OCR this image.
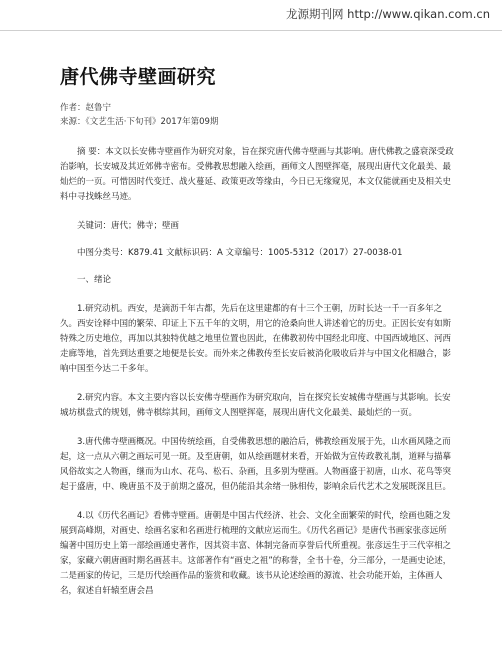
龙源期刊网 http://www.qikan.com.cn
唐代佛寺壁画研究
作者：赵鲁宁
来源：《文艺生活·下旬刊》2017年第09期

摘 要：本文以长安佛寺壁画作为研究对象，旨在探究唐代佛寺壁画与其影响。唐代佛教之盛衰深受政治影响，长安城及其近郊佛寺密布。受佛教思想融入绘画，画师文人图壁挥毫，展现出唐代文化最美、最灿烂的一页。可惜因时代变迁、战火蔓延、政策更改等缘由，今日已无缘窥见，本文仅能就画史及相关史料中寻找蛛丝马迹。

关键词：唐代；佛寺；壁画

中图分类号：K879.41 文献标识码：A 文章编号：1005-5312（2017）27-0038-01

一、绪论

1.研究动机。西安，是滴沥千年古都，先后在这里建都的有十三个王朝，历时长达一千一百多年之久。西安诠释中国的繁荣、印证上下五千年的文明，用它的沧桑向世人讲述着它的历史。正因长安有如斯特殊之历史地位，再加以其独特优越之地里位置也因此，在佛教初传中国经北印度、中国西域地区、河西走廊等地，首先到达重要之地便是长安。而外来之佛教传至长安后被消化吸收后并与中国文化相融合，影响中国至今达二千多年。

2.研究内容。本文主要内容以长安佛寺壁画作为研究取向，旨在探究长安城佛寺壁画与其影响。长安城坊棋盘式的规划，佛寺棋综其间，画师文人图壁挥毫，展现出唐代文化最美、最灿烂的一页。

3.唐代佛寺壁画概况。中国传统绘画，自受佛教思想的融洽后，佛教绘画发展于先，山水画风隆之而起，这一点从六朝之画坛可见一斑。及至唐朝，如从绘画题材来看，开始做为宣传政教礼制，道释与描摹风俗故实之人物画，继而为山水、花鸟、松石、杂画，且多别为壁画。人物画盛于初唐，山水、花鸟等突起于盛唐，中、晚唐虽不及于前期之盛况，但仍能沿其余绪一脉相传，影响余后代艺术之发展既深且巨。

4.以《历代名画记》看佛寺壁画。唐朝是中国古代经济、社会、文化全面繁荣的时代，绘画也随之发展到高峰期，对画史、绘画名家和名画进行梳理的文献应运而生。《历代名画记》是唐代书画家张彦远所编著中国历史上第一部绘画通史著作，因其资丰富、体制完备而享誉后代所重视。张彦远生于三代宰相之家，家藏六朝唐画时期名画甚丰。这部著作有“画史之祖”的称誉，全书十卷，分三部分，一是画史论述，二是画家的传记，三是历代绘画作品的鉴赏和收藏。该书从论述绘画的源流、社会功能开始，主体画人名，叙述自轩辕至唐会昌
